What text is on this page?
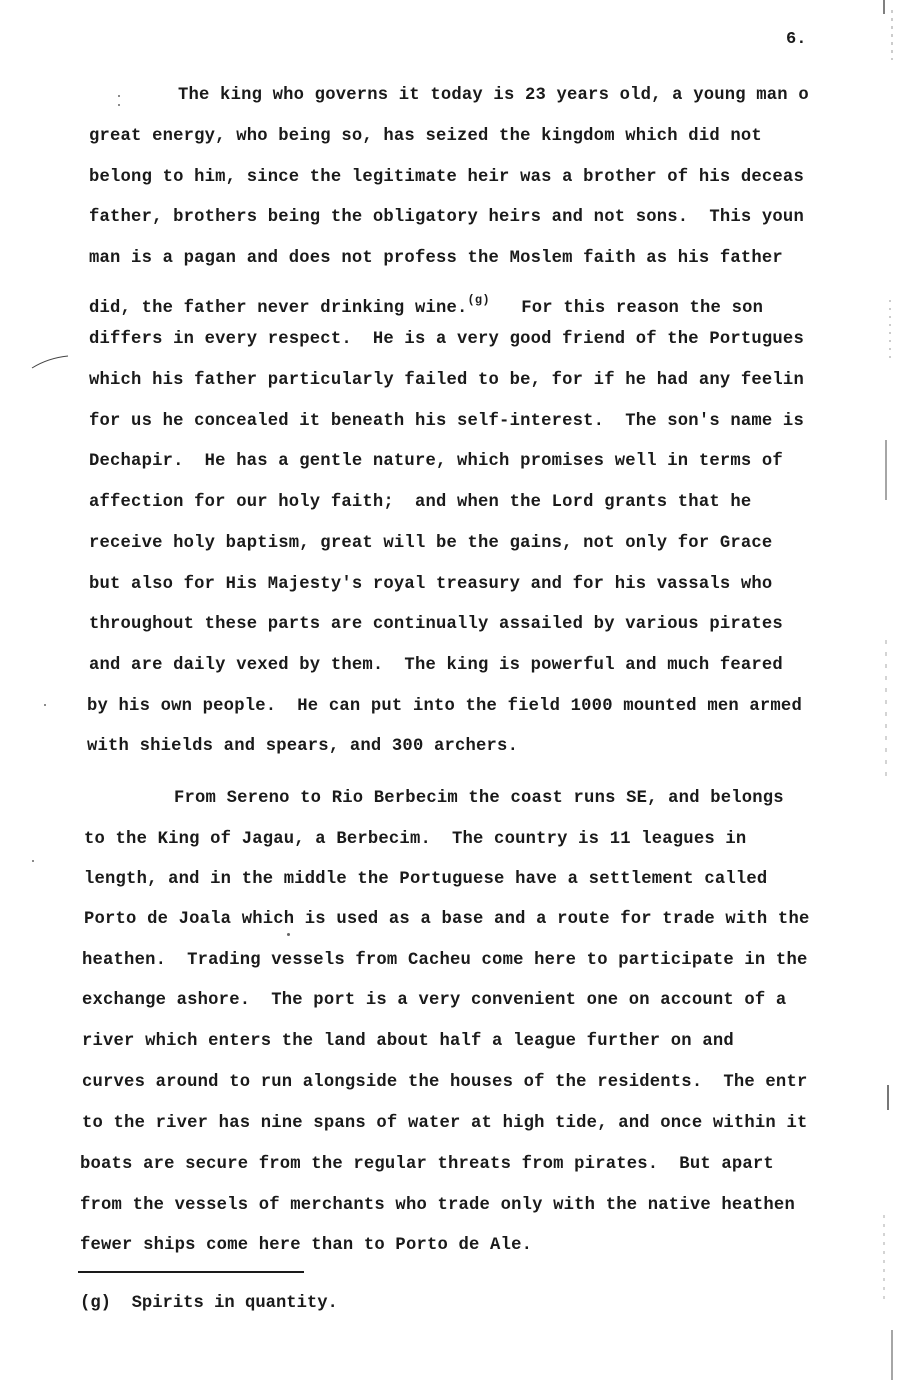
6.
The king who governs it today is 23 years old, a young man o
great energy, who being so, has seized the kingdom which did not
belong to him, since the legitimate heir was a brother of his deceas
father, brothers being the obligatory heirs and not sons.  This youn
man is a pagan and does not profess the Moslem faith as his father
did, the father never drinking wine.$^{(g)}$ For this reason the son
differs in every respect.  He is a very good friend of the Portugues
which his father particularly failed to be, for if he had any feelin
for us he concealed it beneath his self-interest.  The son's name is
Dechapir.  He has a gentle nature, which promises well in terms of
affection for our holy faith;  and when the Lord grants that he
receive holy baptism, great will be the gains, not only for Grace
but also for His Majesty's royal treasury and for his vassals who
throughout these parts are continually assailed by various pirates
and are daily vexed by them.  The king is powerful and much feared
by his own people.  He can put into the field 1000 mounted men armed
with shields and spears, and 300 archers.
From Sereno to Rio Berbecim the coast runs SE, and belongs
to the King of Jagau, a Berbecim.  The country is 11 leagues in
length, and in the middle the Portuguese have a settlement called
Porto de Joala which is used as a base and a route for trade with the
heathen.  Trading vessels from Cacheu come here to participate in the
exchange ashore.  The port is a very convenient one on account of a
river which enters the land about half a league further on and
curves around to run alongside the houses of the residents.  The entr
to the river has nine spans of water at high tide, and once within it
boats are secure from the regular threats from pirates.  But apart
from the vessels of merchants who trade only with the native heathen
fewer ships come here than to Porto de Ale.
(g)  Spirits in quantity.
